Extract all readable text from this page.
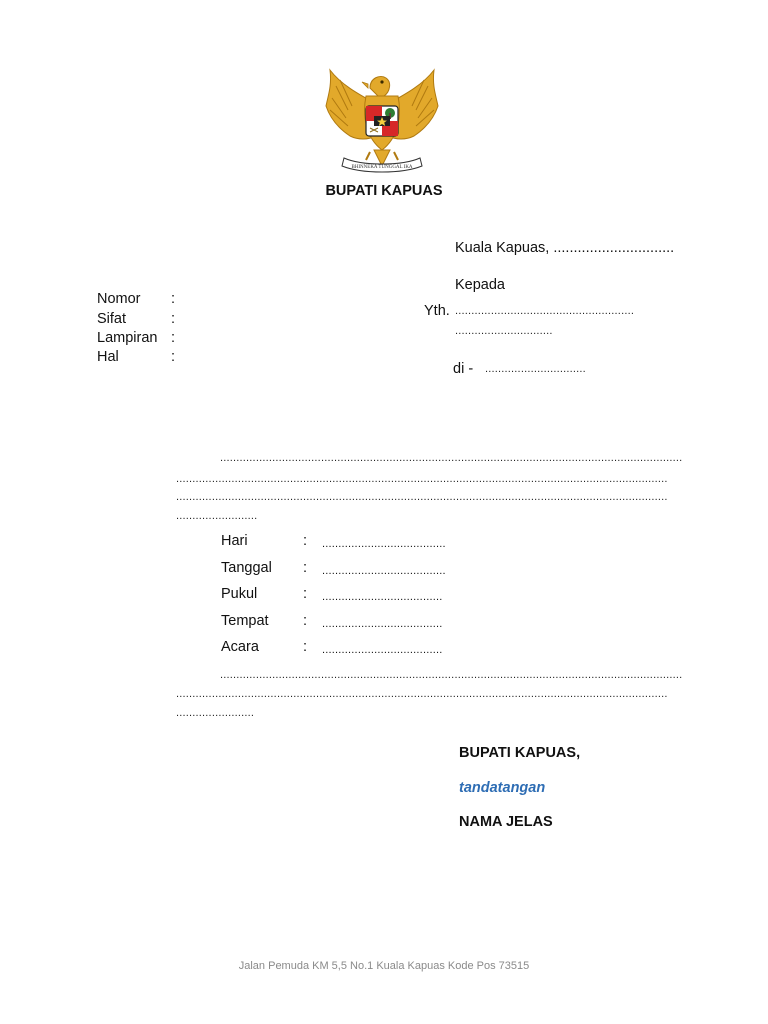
BHINNEKA TUNGGAL IKA
BUPATI KAPUAS
Kuala Kapuas, ..............................
Nomor :
Sifat	:
Lampiran :
Hal	:
Kepada
Yth. .......................................................
..............................
di - ...............................
..............................................................................................................................................
.......................................................................................................................................................
.......................................................................................................................................................
.........................
Hari	: ......................................
Tanggal : ......................................
Pukul	: .....................................
Tempat : .....................................
Acara	: .....................................
..............................................................................................................................................
.......................................................................................................................................................
........................
BUPATI KAPUAS,
tandatangan
NAMA JELAS
Jalan Pemuda KM 5,5 No.1 Kuala Kapuas Kode Pos 73515
